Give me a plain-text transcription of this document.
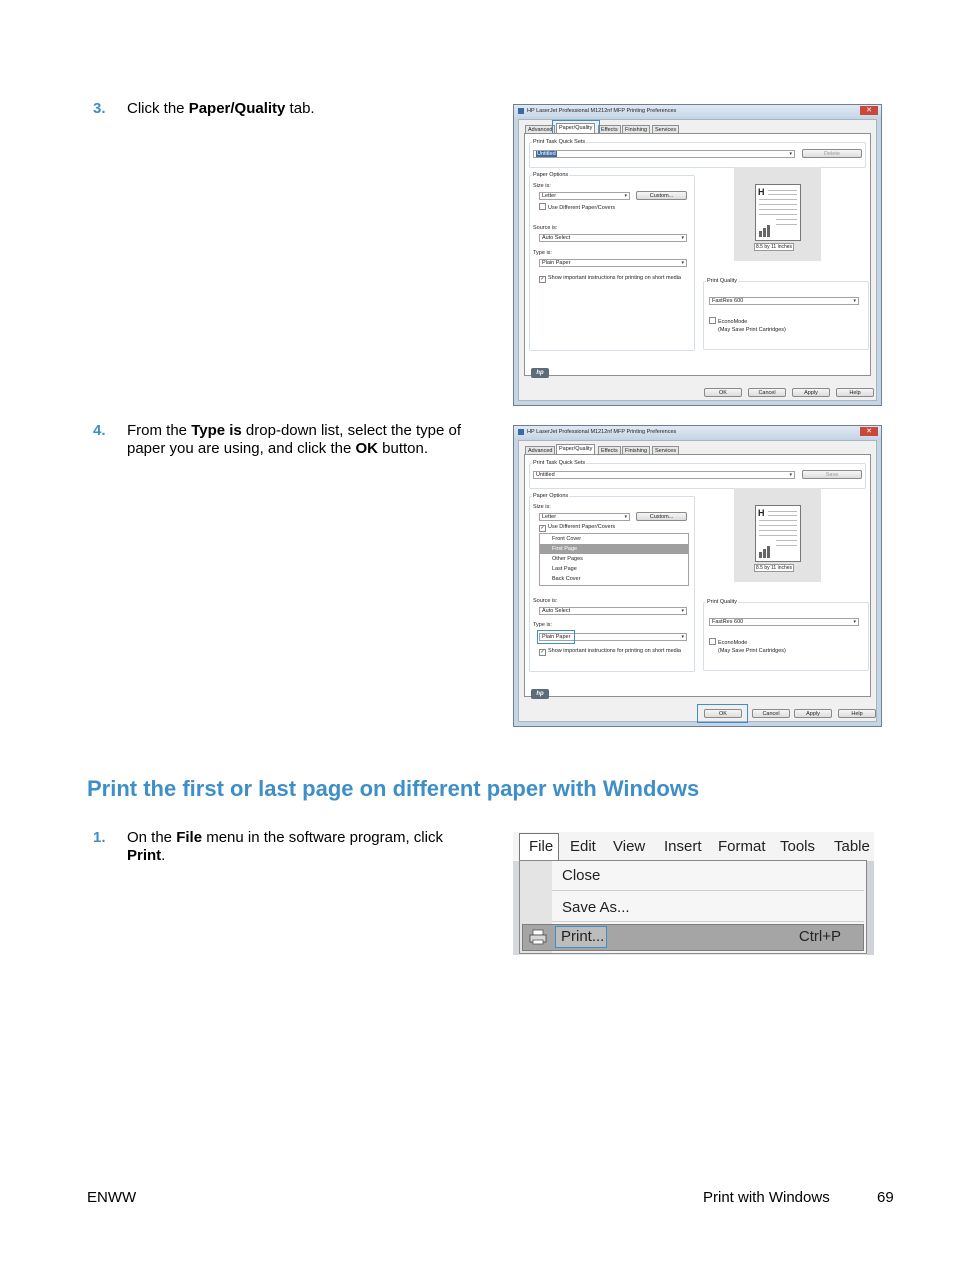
3. Click the Paper/Quality tab.	HP LaserJet Professional M1212nf MFP Printing Preferences	✕
Advanced	Paper/Quality	Effects	Finishing	Services
Print Task Quick Sets
Untitled	▾	Delete
Paper Options
Size is:
Letter	▾	Custom...
Use Different Paper/Covers
Source is:
Auto Select	▾
Type is:
Plain Paper	▾
✓ Show important instructions for printing on short media
H
8.5 by 11 inches
Print Quality
FastRes 600	▾
EconoMode
(May Save Print Cartridges)
hp
OK	Cancel	Apply	Help
4. From the Type is drop-down list, select the type of paper you are using, and click the OK button.
HP LaserJet Professional M1212nf MFP Printing Preferences	✕
Advanced	Paper/Quality	Effects	Finishing	Services
Print Task Quick Sets
Untitled	▾	Save
Paper Options
Size is:
Letter	▾	Custom...
✓ Use Different Paper/Covers
Front Cover
First Page
Other Pages
Last Page
Back Cover
Source is:
Auto Select	▾
Type is:
Plain Paper	▾
✓ Show important instructions for printing on short media
H
8.5 by 11 inches
Print Quality
FastRes 600	▾
EconoMode
(May Save Print Cartridges)
hp
OK	Cancel	Apply	Help
Print the first or last page on different paper with Windows
1. On the File menu in the software program, click Print.
File Edit View Insert Format Tools Table
Close
Save As...
Print...	Ctrl+P
ENWW	Print with Windows	69
